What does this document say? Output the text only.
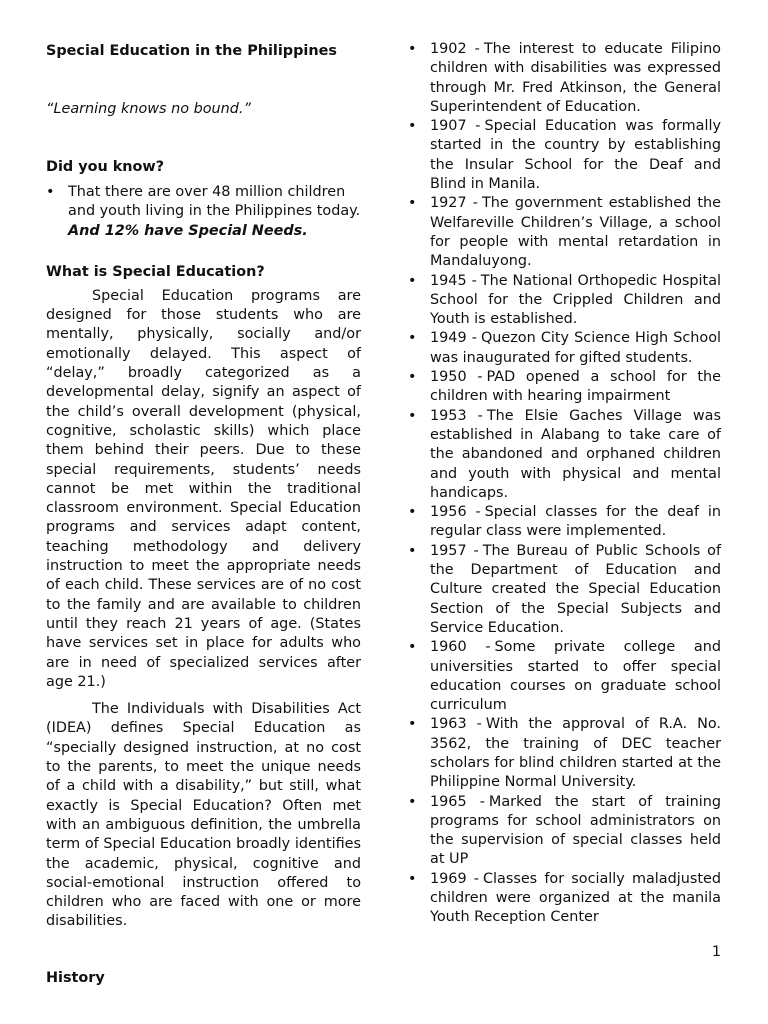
Special Education in the Philippines

“Learning knows no bound.”

Did you know?

• That there are over 48 million children and youth living in the Philippines today.
And 12% have Special Needs.

What is Special Education?

Special Education programs are designed for those students who are mentally, physically, socially and/or emotionally delayed. This aspect of “delay,” broadly categorized as a developmental delay, signify an aspect of the child’s overall development (physical, cognitive, scholastic skills) which place them behind their peers. Due to these special requirements, students’ needs cannot be met within the traditional classroom environment. Special Education programs and services adapt content, teaching methodology and delivery instruction to meet the appropriate needs of each child. These services are of no cost to the family and are available to children until they reach 21 years of age. (States have services set in place for adults who are in need of specialized services after age 21.)

The Individuals with Disabilities Act (IDEA) defines Special Education as “specially designed instruction, at no cost to the parents, to meet the unique needs of a child with a disability,” but still, what exactly is Special Education? Often met with an ambiguous definition, the umbrella term of Special Education broadly identifies the academic, physical, cognitive and social-emotional instruction offered to children who are faced with one or more disabilities.

History

• 1902 - The interest to educate Filipino children with disabilities was expressed through Mr. Fred Atkinson, the General Superintendent of Education.
• 1907 - Special Education was formally started in the country by establishing the Insular School for the Deaf and Blind in Manila.
• 1927 - The government established the Welfareville Children’s Village, a school for people with mental retardation in Mandaluyong.
• 1945 - The National Orthopedic Hospital School for the Crippled Children and Youth is established.
• 1949 - Quezon City Science High School was inaugurated for gifted students.
• 1950 - PAD opened a school for the children with hearing impairment
• 1953 - The Elsie Gaches Village was established in Alabang to take care of the abandoned and orphaned children and youth with physical and mental handicaps.
• 1956 - Special classes for the deaf in regular class were implemented.
• 1957 - The Bureau of Public Schools of the Department of Education and Culture created the Special Education Section of the Special Subjects and Service Education.
• 1960 - Some private college and universities started to offer special education courses on graduate school curriculum
• 1963 - With the approval of R.A. No. 3562, the training of DEC teacher scholars for blind children started at the Philippine Normal University.
• 1965 - Marked the start of training programs for school administrators on the supervision of special classes held at UP
• 1969 - Classes for socially maladjusted children were organized at the manila Youth Reception Center
1
